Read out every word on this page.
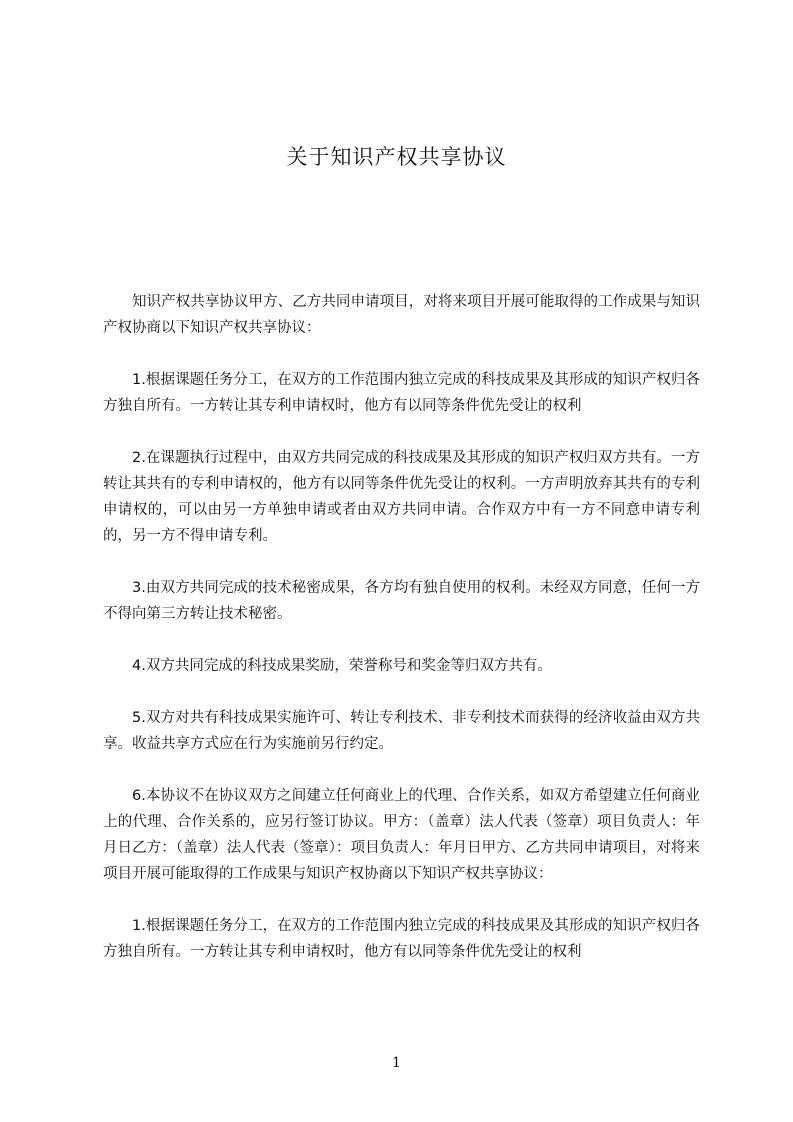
关于知识产权共享协议

知识产权共享协议甲方、乙方共同申请项目，对将来项目开展可能取得的工作成果与知识产权协商以下知识产权共享协议：

1.根据课题任务分工，在双方的工作范围内独立完成的科技成果及其形成的知识产权归各方独自所有。一方转让其专利申请权时，他方有以同等条件优先受让的权利

2.在课题执行过程中，由双方共同完成的科技成果及其形成的知识产权归双方共有。一方转让其共有的专利申请权的，他方有以同等条件优先受让的权利。一方声明放弃其共有的专利申请权的，可以由另一方单独申请或者由双方共同申请。合作双方中有一方不同意申请专利的，另一方不得申请专利。

3.由双方共同完成的技术秘密成果，各方均有独自使用的权利。未经双方同意，任何一方不得向第三方转让技术秘密。

4.双方共同完成的科技成果奖励，荣誉称号和奖金等归双方共有。

5.双方对共有科技成果实施许可、转让专利技术、非专利技术而获得的经济收益由双方共享。收益共享方式应在行为实施前另行约定。

6.本协议不在协议双方之间建立任何商业上的代理、合作关系，如双方希望建立任何商业上的代理、合作关系的，应另行签订协议。甲方：（盖章）法人代表（签章）项目负责人：年月日乙方：（盖章）法人代表（签章）：项目负责人：年月日甲方、乙方共同申请项目，对将来项目开展可能取得的工作成果与知识产权协商以下知识产权共享协议：

1.根据课题任务分工，在双方的工作范围内独立完成的科技成果及其形成的知识产权归各方独自所有。一方转让其专利申请权时，他方有以同等条件优先受让的权利

1
